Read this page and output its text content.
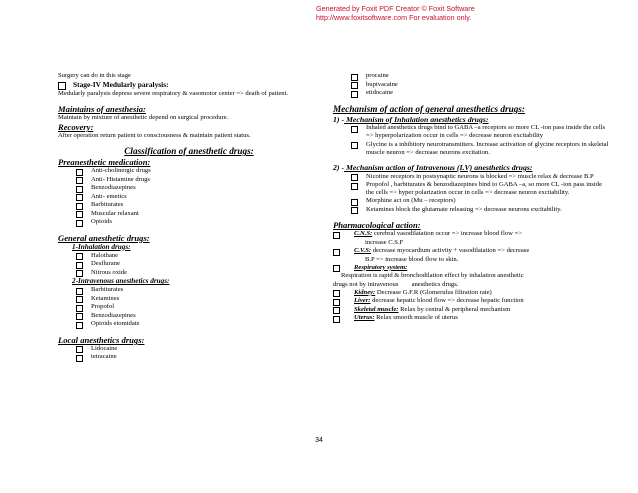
Generated by Foxit PDF Creator © Foxit Software
http://www.foxitsoftware.com For evaluation only.

Surgery can do in this stage

Stage-IV Medularly paralysis:

Medularly paralysis depress severe respiratory & vasomotor center => death of patient.

Maintains of anesthesia:

Maintain by mixture of anesthetic depend on surgical procedure.

Recovery:

After operation return patient to consciousness & maintain patient status.

Classification of anesthetic drugs:

Preanesthetic medication:

Anti-cholinergic drugs
Anti- Histamine drugs
Benzodiazepines
Anti- emetics
Barbiturates
Muscular relaxant
Opioids

General anesthetic drugs:

1-Inhalation drugs:

Halothane
Desflurane
Nitrous oxide

2-Intravenous anesthetics drugs:

Barbiturates
Ketamines
Propofol
Benzodiazepines
Opioids etomidate

Local anesthetics drugs:

Lidocaine
tetracaine
procaine
bupivacaine
etidocaine

Mechanism of action of general anesthetics drugs:

1) - Mechanism of Inhalation anesthetics drugs:

Inhaled anesthetics drugs bind to GABA –a receptors so more CL -ion pass inside the cells => hyperpolarization occur in cells => decrease neuron excitability
Glycine is a inhibitory neurotransmitters. Increase activation of glycine receptors in skeletal muscle neuron => decrease neurons excitation.

2) - Mechanism action of Intravenous (I.V) anesthetics drugs:

Nicotine receptors in postsynaptic neurons is blocked => muscle relax & decrease B.P
Propofol , barbiturates & benzodiazepines bind to GABA –a, so more CL -ion pass inside the cells => hyper polarization occur in cells => decrease neuron excitability.
Morphine act on (Mu – receptors)
Ketamines block the glutamate releasing => decrease neurons excitability.

Pharmacological action:

C.N.S: cerebral vasodilatation occur => increase blood flow =>
increase C.S.F
C.V.S: decrease myocardium activity + vasodilatation => decrease
B.P => increase blood flow to skin.
Respiratory system:
Respiration is rapid & bronchodilation effect by inhalation anesthetic
drugs not by intravenous        anesthetics drugs.
Kidney: Decrease G.F.R (Glomerulus filtration rate)
Liver: decrease hepatic blood flow => decrease hepatic function
Skeletal muscle: Relax by central & peripheral mechanism
Uterus: Relax smooth muscle of uterus
34
